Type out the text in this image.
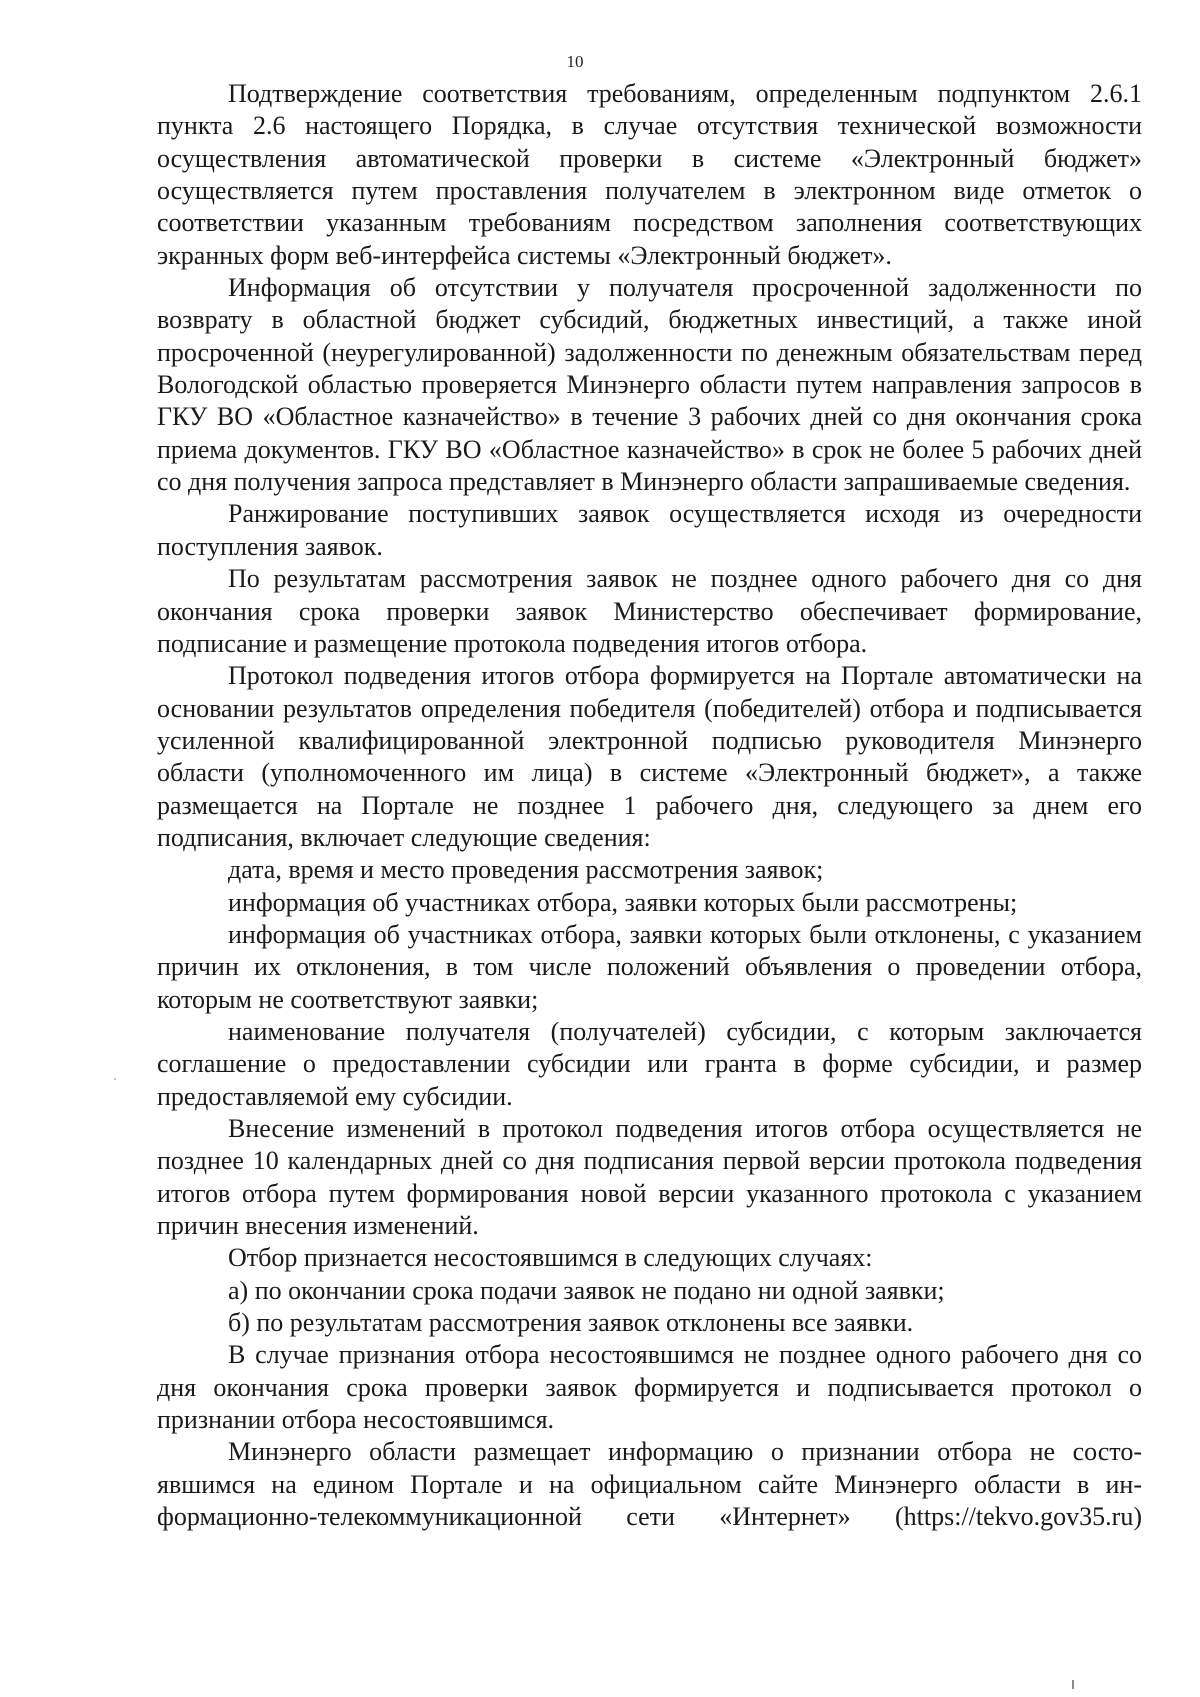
10

Подтверждение соответствия требованиям, определенным подпунктом 2.6.1 пункта 2.6 настоящего Порядка, в случае отсутствия технической возможности осуществления автоматической проверки в системе «Электронный бюджет» осуществляется путем проставления получателем в электронном виде отметок о соответствии указанным требованиям посредством заполнения соответствующих экранных форм веб-интерфейса системы «Электронный бюджет».

Информация об отсутствии у получателя просроченной задолженности по возврату в областной бюджет субсидий, бюджетных инвестиций, а также иной просроченной (неурегулированной) задолженности по денежным обязательствам перед Вологодской областью проверяется Минэнерго области путем направления запросов в ГКУ ВО «Областное казначейство» в течение 3 рабочих дней со дня окончания срока приема документов. ГКУ ВО «Областное казначейство» в срок не более 5 рабочих дней со дня получения запроса представляет в Минэнерго области запрашиваемые сведения.

Ранжирование поступивших заявок осуществляется исходя из очередности поступления заявок.

По результатам рассмотрения заявок не позднее одного рабочего дня со дня окончания срока проверки заявок Министерство обеспечивает формирование, подписание и размещение протокола подведения итогов отбора.

Протокол подведения итогов отбора формируется на Портале автоматически на основании результатов определения победителя (победителей) отбора и подписывается усиленной квалифицированной электронной подписью руководителя Минэнерго области (уполномоченного им лица) в системе «Электронный бюджет», а также размещается на Портале не позднее 1 рабочего дня, следующего за днем его подписания, включает следующие сведения:

дата, время и место проведения рассмотрения заявок;

информация об участниках отбора, заявки которых были рассмотрены;

информация об участниках отбора, заявки которых были отклонены, с указанием причин их отклонения, в том числе положений объявления о проведении отбора, которым не соответствуют заявки;

наименование получателя (получателей) субсидии, с которым заключается соглашение о предоставлении субсидии или гранта в форме субсидии, и размер предоставляемой ему субсидии.

Внесение изменений в протокол подведения итогов отбора осуществляется не позднее 10 календарных дней со дня подписания первой версии протокола подведения итогов отбора путем формирования новой версии указанного протокола с указанием причин внесения изменений.

Отбор признается несостоявшимся в следующих случаях:

а) по окончании срока подачи заявок не подано ни одной заявки;

б) по результатам рассмотрения заявок отклонены все заявки.

В случае признания отбора несостоявшимся не позднее одного рабочего дня со дня окончания срока проверки заявок формируется и подписывается протокол о признании отбора несостоявшимся.

Минэнерго области размещает информацию о признании отбора не состоявшимся на едином Портале и на официальном сайте Минэнерго области в информационно-телекоммуникационной сети «Интернет» (https://tekvo.gov35.ru)
